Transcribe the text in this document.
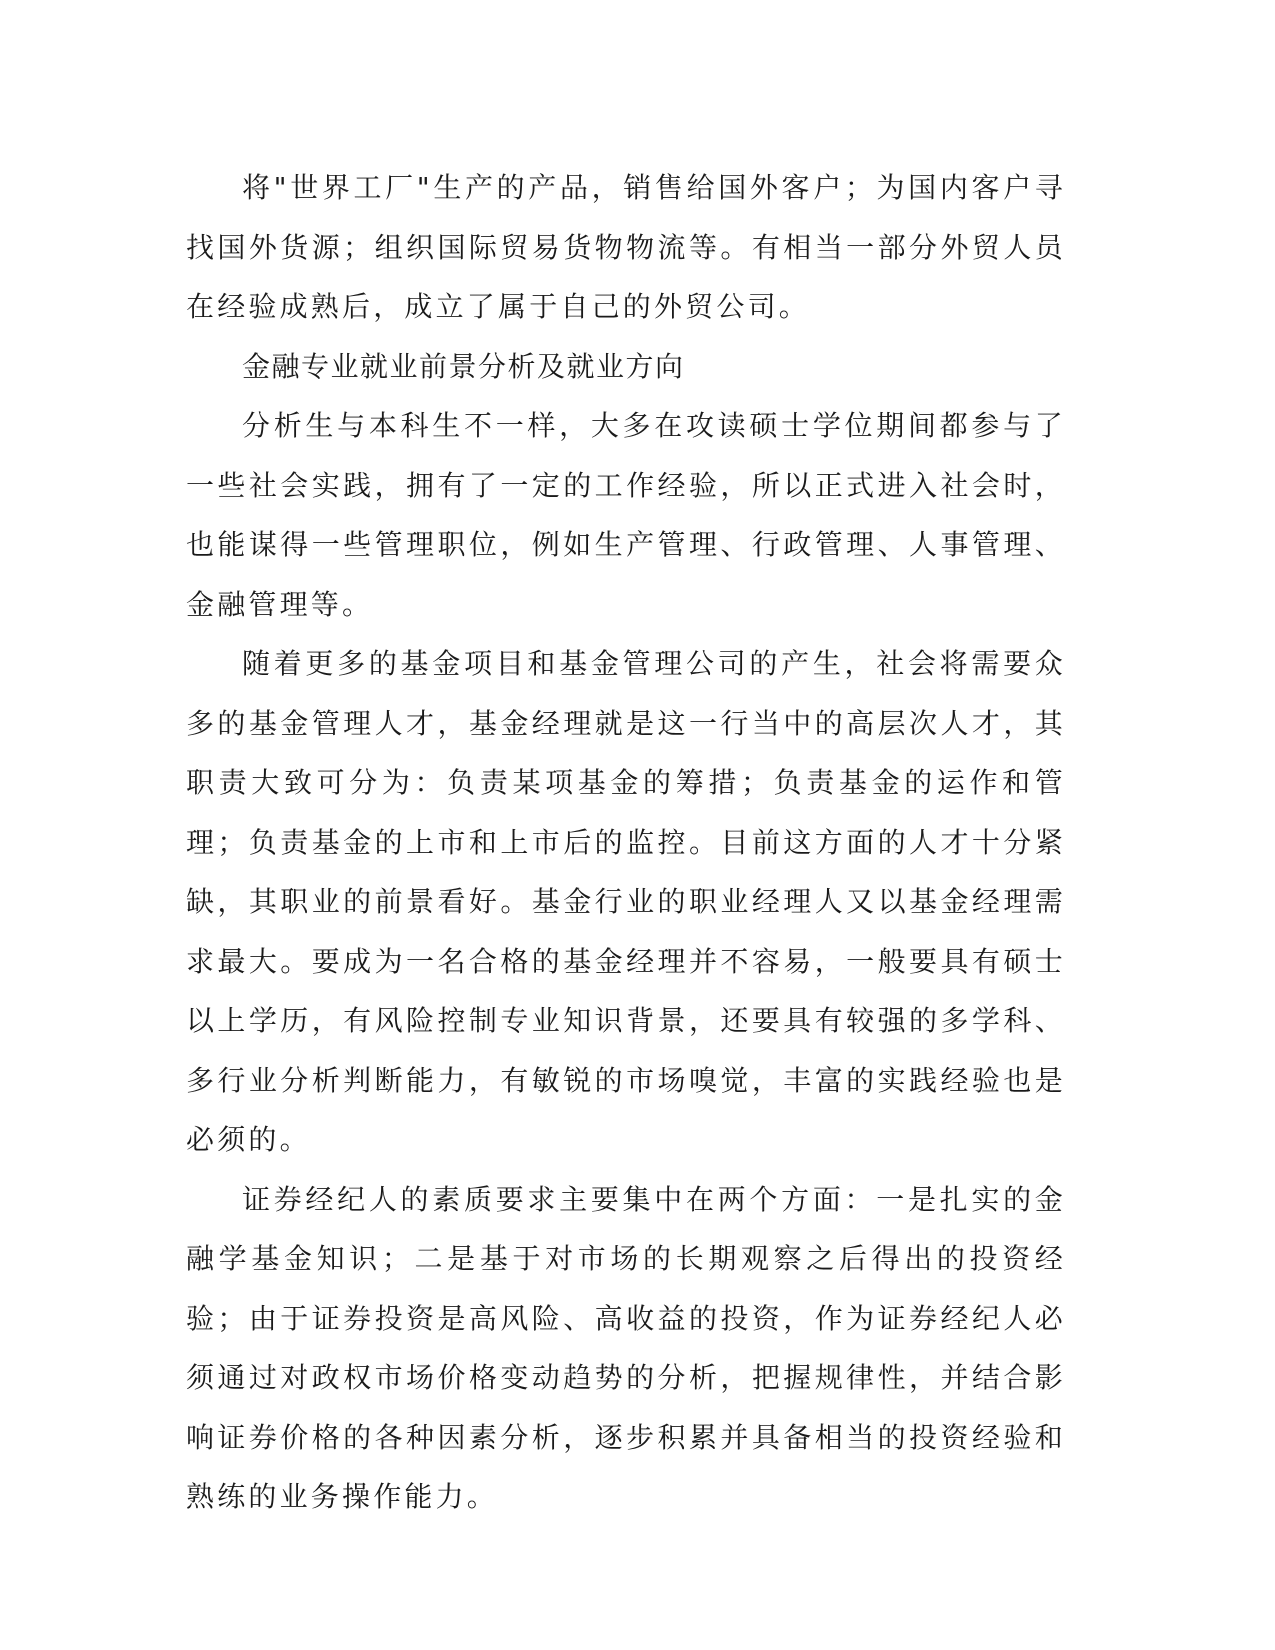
将"世界工厂"生产的产品，销售给国外客户；为国内客户寻找国外货源；组织国际贸易货物物流等。有相当一部分外贸人员在经验成熟后，成立了属于自己的外贸公司。

金融专业就业前景分析及就业方向

分析生与本科生不一样，大多在攻读硕士学位期间都参与了一些社会实践，拥有了一定的工作经验，所以正式进入社会时，也能谋得一些管理职位，例如生产管理、行政管理、人事管理、金融管理等。

随着更多的基金项目和基金管理公司的产生，社会将需要众多的基金管理人才，基金经理就是这一行当中的高层次人才，其职责大致可分为：负责某项基金的筹措；负责基金的运作和管理；负责基金的上市和上市后的监控。目前这方面的人才十分紧缺，其职业的前景看好。基金行业的职业经理人又以基金经理需求最大。要成为一名合格的基金经理并不容易，一般要具有硕士以上学历，有风险控制专业知识背景，还要具有较强的多学科、多行业分析判断能力，有敏锐的市场嗅觉，丰富的实践经验也是必须的。

证券经纪人的素质要求主要集中在两个方面：一是扎实的金融学基金知识；二是基于对市场的长期观察之后得出的投资经验；由于证券投资是高风险、高收益的投资，作为证券经纪人必须通过对政权市场价格变动趋势的分析，把握规律性，并结合影响证券价格的各种因素分析，逐步积累并具备相当的投资经验和熟练的业务操作能力。
